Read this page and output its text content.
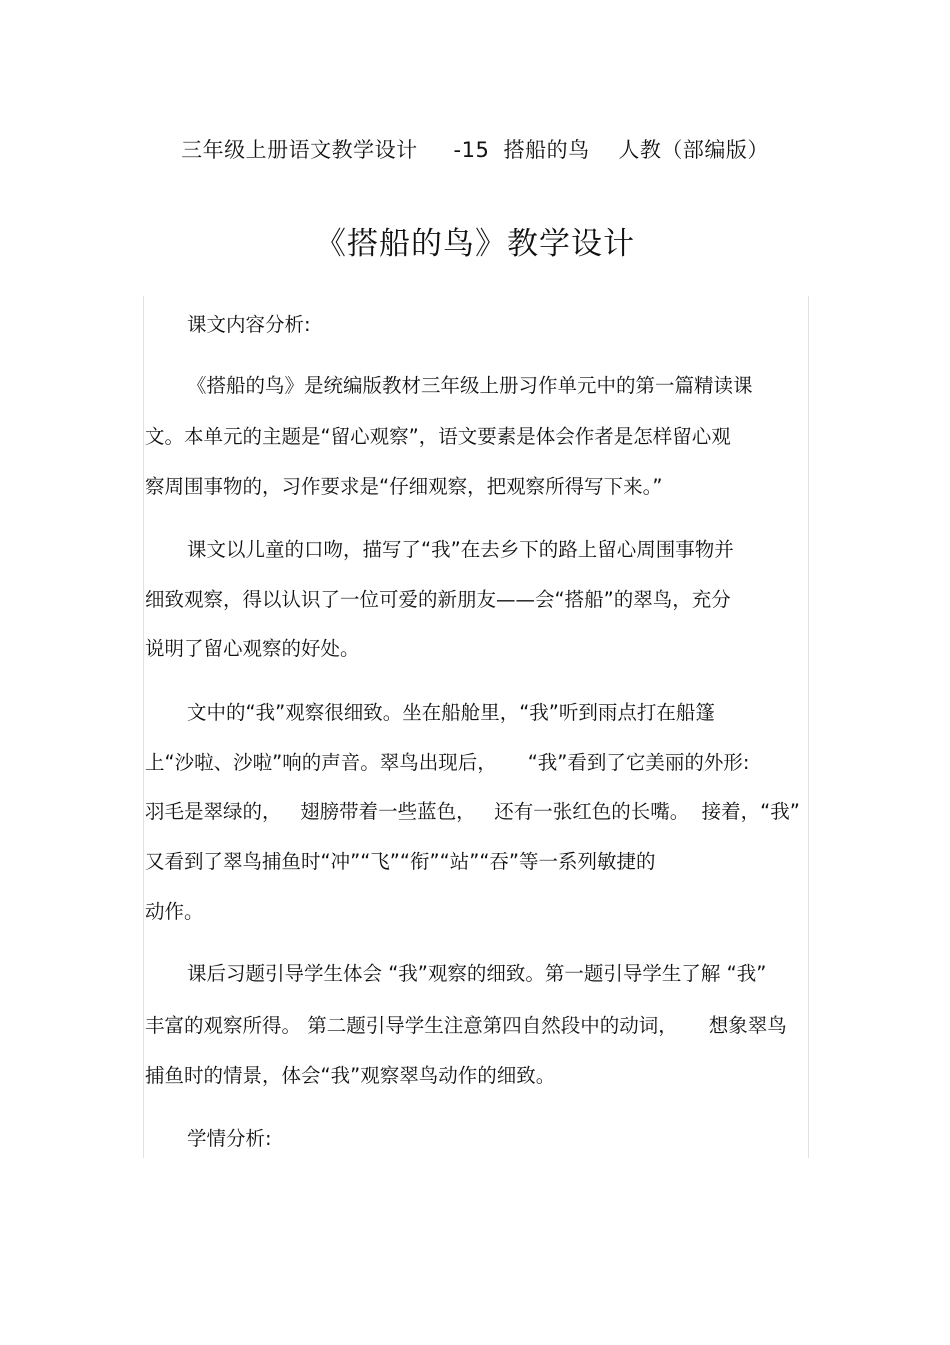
三年级上册语文教学设计     -15  搭船的鸟    人教（部编版）
《搭船的鸟》教学设计
课文内容分析:
《搭船的鸟》是统编版教材三年级上册习作单元中的第一篇精读课
文。本单元的主题是“留心观察”，语文要素是体会作者是怎样留心观
察周围事物的，习作要求是“仔细观察，把观察所得写下来。”
课文以儿童的口吻，描写了“我”在去乡下的路上留心周围事物并
细致观察，得以认识了一位可爱的新朋友——会“搭船”的翠鸟，充分
说明了留心观察的好处。
文中的“我”观察很细致。坐在船舱里，“我”听到雨点打在船篷
上“沙啦、沙啦”响的声音。翠鸟出现后，     “我”看到了它美丽的外形:
羽毛是翠绿的，   翅膀带着一些蓝色，   还有一张红色的长嘴。  接着，“我”
又看到了翠鸟捕鱼时“冲”“飞”“衔”“站”“吞”等一系列敏捷的
动作。
课后习题引导学生体会 “我”观察的细致。第一题引导学生了解 “我”
丰富的观察所得。 第二题引导学生注意第四自然段中的动词，     想象翠鸟
捕鱼时的情景，体会“我”观察翠鸟动作的细致。
学情分析:
